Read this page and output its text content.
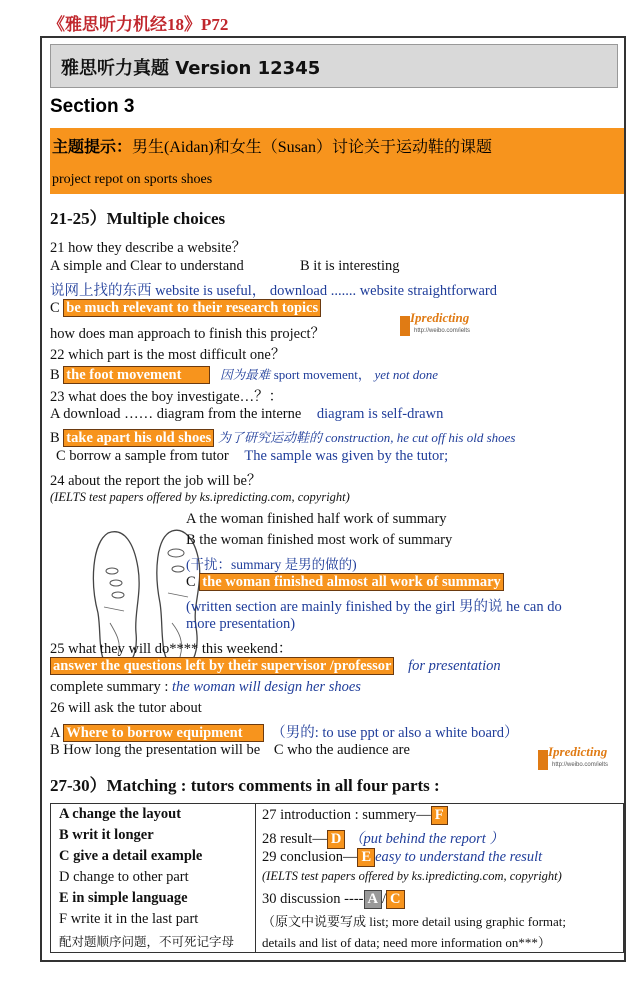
《雅思听力机经18》P72
雅思听力真题 Version 12345
Section 3
主题提示：男生(Aidan)和女生（Susan）讨论关于运动鞋的课题
project repot on sports shoes
21-25）Multiple choices
21 how they describe a website？
A simple and Clear to understand	B it is interesting
说网上找的东西 website is useful， download ....... website straightforward
C be much relevant to their research topics
how does man approach to finish this project？
22 which part is the most difficult one？
B the foot movement	因为最难 sport movement， yet not done
Ipredicting
http://weibo.com/ielts
23 what does the boy investigate…？：
A download …… diagram from the interne diagram is self-drawn
B take apart his old shoes 为了研究运动鞋的 construction, he cut off his old shoes
C borrow a sample from tutor The sample was given by the tutor;
24 about the report the job will be？
(IELTS test papers offered by ks.ipredicting.com, copyright)
A the woman finished half work of summary
B the woman finished most work of summary
(干扰：summary 是男的做的)
C the woman finished almost all work of summary
(written section are mainly finished by the girl 男的说 he can do
more presentation)
25 what they will do**** this weekend：
answer the questions left by their supervisor /professor for presentation
complete summary : the woman will design her shoes
26 will ask the tutor about
A Where to borrow equipment （男的: to use ppt or also a white board）
B How long the presentation will be C who the audience are	Ipredicting
http://weibo.com/ielts
27-30）Matching : tutors comments in all four parts :
A change the layout
B writ it longer
C give a detail example
D change to other part
E in simple language
F write it in the last part
配对题顺序问题，不可死记字母
27 introduction : summery— F
28 result— D （put behind the report ）
29 conclusion— E easy to understand the result
(IELTS test papers offered by ks.ipredicting.com, copyright)
30 discussion ---- A / C
（原文中说要写成 list; more detail using graphic format;
details and list of data; need more information on***）
